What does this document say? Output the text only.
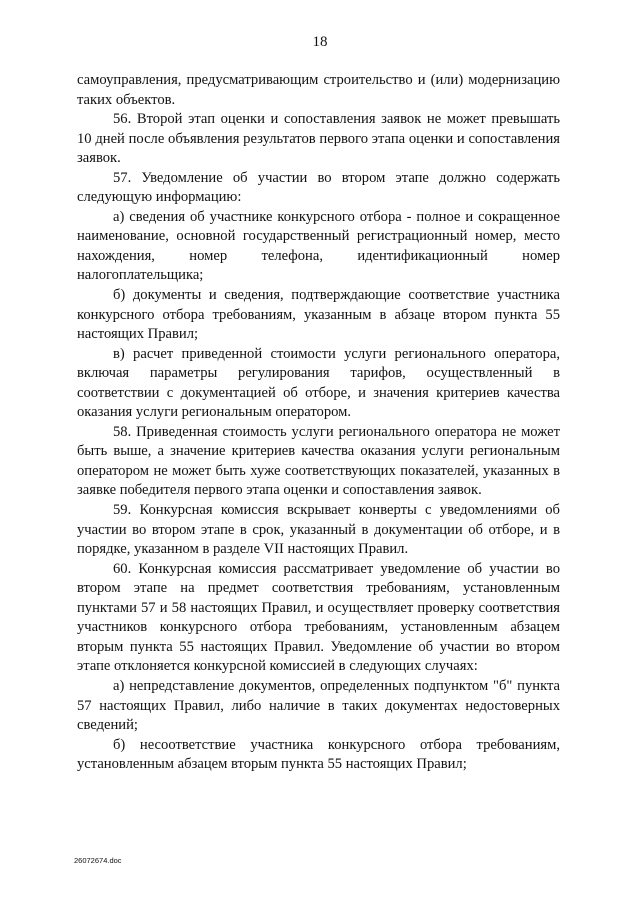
18

самоуправления, предусматривающим строительство и (или) модернизацию таких объектов.

56. Второй этап оценки и сопоставления заявок не может превышать 10 дней после объявления результатов первого этапа оценки и сопоставления заявок.

57. Уведомление об участии во втором этапе должно содержать следующую информацию:

а) сведения об участнике конкурсного отбора - полное и сокращенное наименование, основной государственный регистрационный номер, место нахождения, номер телефона, идентификационный номер налогоплательщика;

б) документы и сведения, подтверждающие соответствие участника конкурсного отбора требованиям, указанным в абзаце втором пункта 55 настоящих Правил;

в) расчет приведенной стоимости услуги регионального оператора, включая параметры регулирования тарифов, осуществленный в соответствии с документацией об отборе, и значения критериев качества оказания услуги региональным оператором.

58. Приведенная стоимость услуги регионального оператора не может быть выше, а значение критериев качества оказания услуги региональным оператором не может быть хуже соответствующих показателей, указанных в заявке победителя первого этапа оценки и сопоставления заявок.

59. Конкурсная комиссия вскрывает конверты с уведомлениями об участии во втором этапе в срок, указанный в документации об отборе, и в порядке, указанном в разделе VII настоящих Правил.

60. Конкурсная комиссия рассматривает уведомление об участии во втором этапе на предмет соответствия требованиям, установленным пунктами 57 и 58 настоящих Правил, и осуществляет проверку соответствия участников конкурсного отбора требованиям, установленным абзацем вторым пункта 55 настоящих Правил. Уведомление об участии во втором этапе отклоняется конкурсной комиссией в следующих случаях:

а) непредставление документов, определенных подпунктом "б" пункта 57 настоящих Правил, либо наличие в таких документах недостоверных сведений;

б) несоответствие участника конкурсного отбора требованиям, установленным абзацем вторым пункта 55 настоящих Правил;

26072674.doc
